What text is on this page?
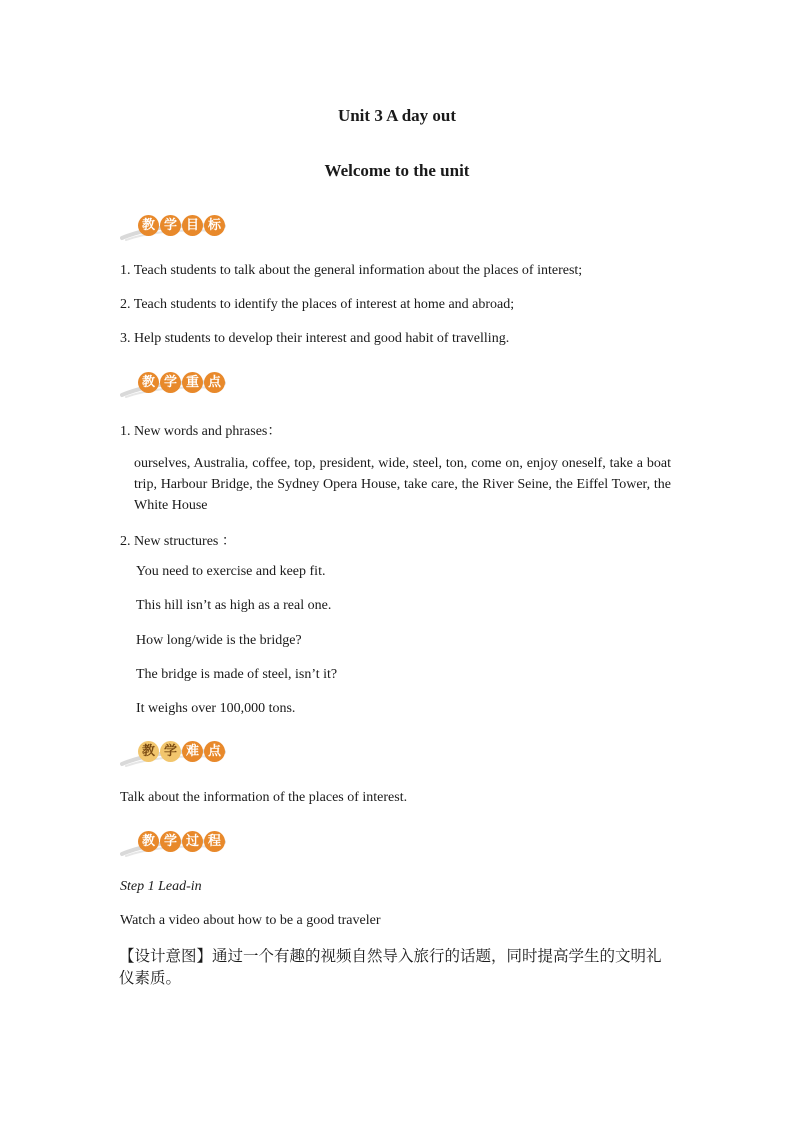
Unit 3 A day out
Welcome to the unit
教 学 目 标
1. Teach students to talk about the general information about the places of interest;
2. Teach students to identify the places of interest at home and abroad;
3. Help students to develop their interest and good habit of travelling.
教 学 重 点
1. New words and phrases：
ourselves, Australia, coffee, top, president, wide, steel, ton, come on, enjoy oneself, take a boat trip, Harbour Bridge, the Sydney Opera House, take care, the River Seine, the Eiffel Tower, the White House
2. New structures ：
You need to exercise and keep fit.
This hill isn’t as high as a real one.
How long/wide is the bridge?
The bridge is made of steel, isn’t it?
It weighs over 100,000 tons.
教 学 难 点
Talk about the information of the places of interest.
教 学 过 程
Step 1 Lead-in
Watch a video about how to be a good traveler
【设计意图】通过一个有趣的视频自然导入旅行的话题，同时提高学生的文明礼仪素质。
